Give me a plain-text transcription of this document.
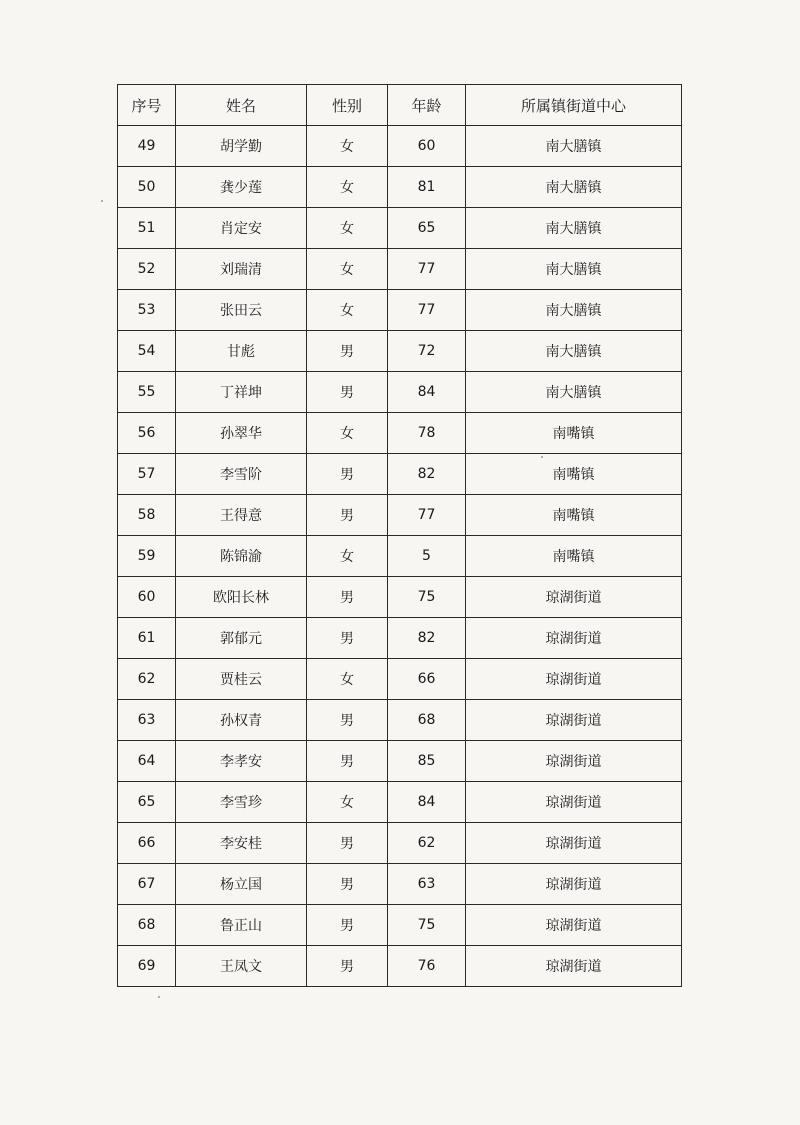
序号	姓名	性别	年龄	所属镇街道中心
49	胡学勤	女	60	南大膳镇
50	龚少莲	女	81	南大膳镇
51	肖定安	女	65	南大膳镇
52	刘瑞清	女	77	南大膳镇
53	张田云	女	77	南大膳镇
54	甘彪	男	72	南大膳镇
55	丁祥坤	男	84	南大膳镇
56	孙翠华	女	78	南嘴镇
57	李雪阶	男	82	南嘴镇
58	王得意	男	77	南嘴镇
59	陈锦渝	女	5	南嘴镇
60	欧阳长林	男	75	琼湖街道
61	郭郁元	男	82	琼湖街道
62	贾桂云	女	66	琼湖街道
63	孙权青	男	68	琼湖街道
64	李孝安	男	85	琼湖街道
65	李雪珍	女	84	琼湖街道
66	李安桂	男	62	琼湖街道
67	杨立国	男	63	琼湖街道
68	鲁正山	男	75	琼湖街道
69	王凤文	男	76	琼湖街道
